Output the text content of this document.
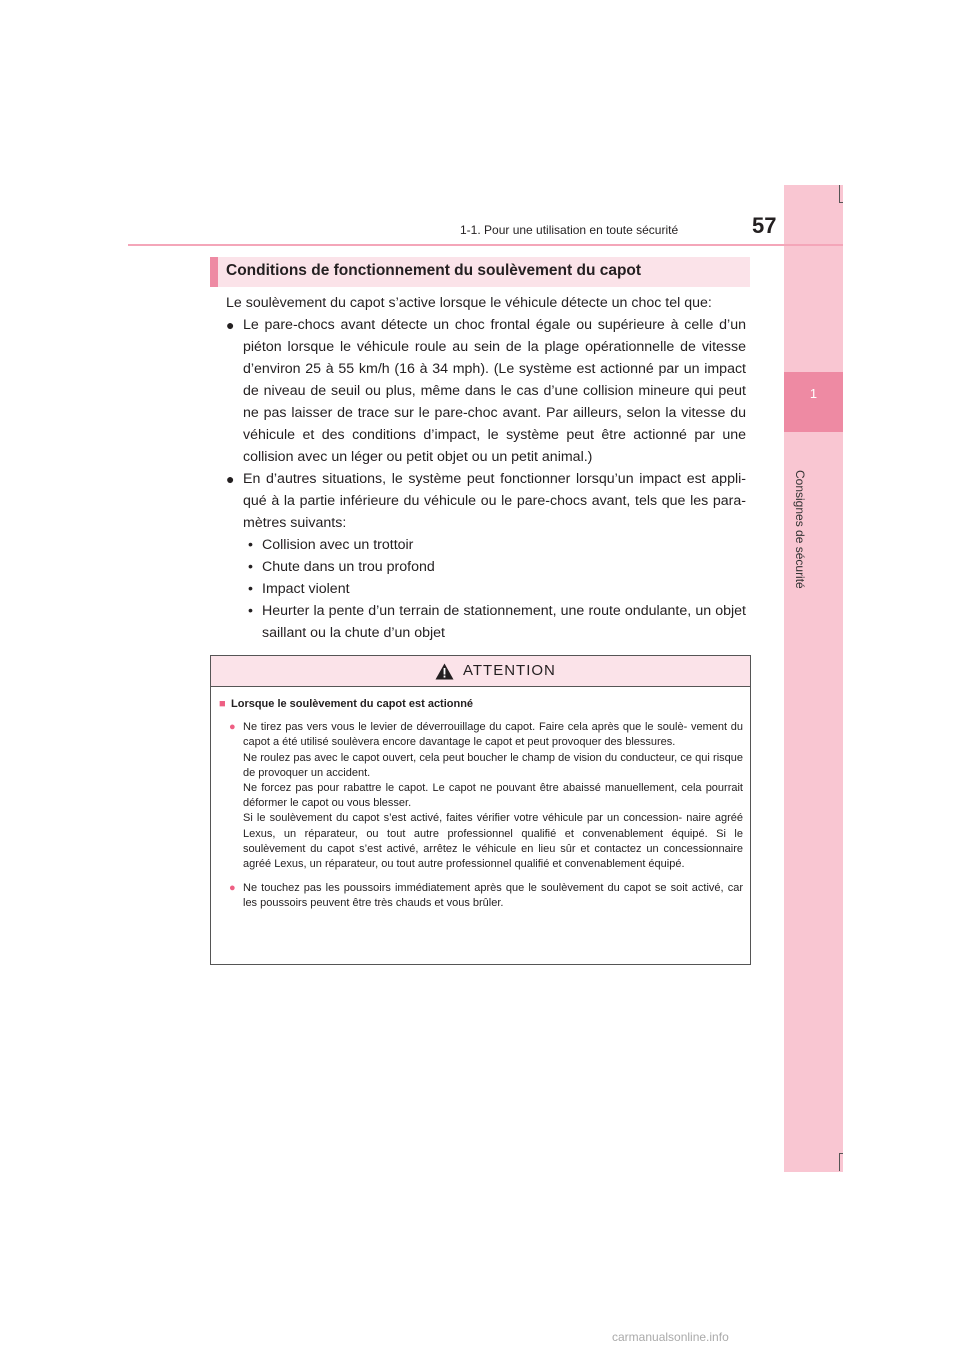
1
Consignes de sécurité
1-1. Pour une utilisation en toute sécurité	57
Conditions de fonctionnement du soulèvement du capot

Le soulèvement du capot s’active lorsque le véhicule détecte un choc tel que:

● Le pare-chocs avant détecte un choc frontal égale ou supérieure à celle d’un piéton lorsque le véhicule roule au sein de la plage opérationnelle de vitesse d’environ 25 à 55 km/h (16 à 34 mph). (Le système est actionné par un impact de niveau de seuil ou plus, même dans le cas d’une collision mineure qui peut ne pas laisser de trace sur le pare-choc avant. Par ailleurs, selon la vitesse du véhicule et des conditions d’impact, le système peut être actionné par une collision avec un léger ou petit objet ou un petit animal.)
● En d’autres situations, le système peut fonctionner lorsqu’un impact est appli- qué à la partie inférieure du véhicule ou le pare-chocs avant, tels que les para- mètres suivants:
• Collision avec un trottoir
• Chute dans un trou profond
• Impact violent
• Heurter la pente d’un terrain de stationnement, une route ondulante, un objet saillant ou la chute d’un objet
ATTENTION
■ Lorsque le soulèvement du capot est actionné
● Ne tirez pas vers vous le levier de déverrouillage du capot. Faire cela après que le soulè- vement du capot a été utilisé soulèvera encore davantage le capot et peut provoquer des blessures.

Ne roulez pas avec le capot ouvert, cela peut boucher le champ de vision du conducteur, ce qui risque de provoquer un accident.

Ne forcez pas pour rabattre le capot. Le capot ne pouvant être abaissé manuellement, cela pourrait déformer le capot ou vous blesser.

Si le soulèvement du capot s’est activé, faites vérifier votre véhicule par un concession- naire agréé Lexus, un réparateur, ou tout autre professionnel qualifié et convenablement équipé. Si le soulèvement du capot s’est activé, arrêtez le véhicule en lieu sûr et contactez un concessionnaire agréé Lexus, un réparateur, ou tout autre professionnel qualifié et convenablement équipé.

● Ne touchez pas les poussoirs immédiatement après que le soulèvement du capot se soit activé, car les poussoirs peuvent être très chauds et vous brûler.

carmanualsonline.info
